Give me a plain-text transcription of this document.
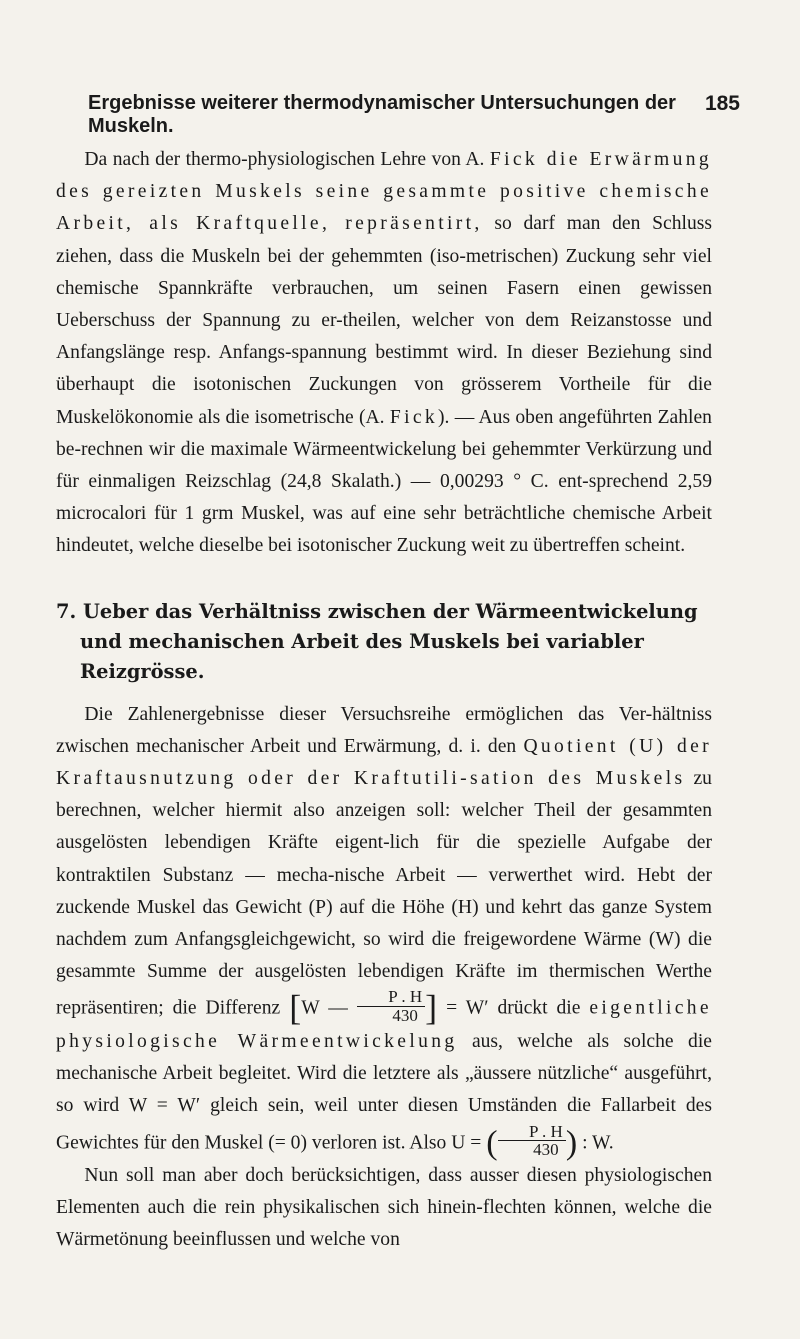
Ergebnisse weiterer thermodynamischer Untersuchungen der Muskeln.
185

Da nach der thermo-physiologischen Lehre von A. Fick die Erwärmung des gereizten Muskels seine gesammte positive chemische Arbeit, als Kraftquelle, repräsentirt, so darf man den Schluss ziehen, dass die Muskeln bei der gehemmten (iso-metrischen) Zuckung sehr viel chemische Spannkräfte verbrauchen, um seinen Fasern einen gewissen Ueberschuss der Spannung zu er-theilen, welcher von dem Reizanstosse und Anfangslänge resp. Anfangs-spannung bestimmt wird. In dieser Beziehung sind überhaupt die isotonischen Zuckungen von grösserem Vortheile für die Muskelökonomie als die isometrische (A. Fick). — Aus oben angeführten Zahlen be-rechnen wir die maximale Wärmeentwickelung bei gehemmter Verkürzung und für einmaligen Reizschlag (24,8 Skalath.) — 0,00293 ° C. ent-sprechend 2,59 microcalori für 1 grm Muskel, was auf eine sehr beträchtliche chemische Arbeit hindeutet, welche dieselbe bei isotonischer Zuckung weit zu übertreffen scheint.

7. Ueber das Verhältniss zwischen der Wärmeentwickelung und mechanischen Arbeit des Muskels bei variabler Reizgrösse.

Die Zahlenergebnisse dieser Versuchsreihe ermöglichen das Ver-hältniss zwischen mechanischer Arbeit und Erwärmung, d. i. den Quotient (U) der Kraftausnutzung oder der Kraftutili-sation des Muskels zu berechnen, welcher hiermit also anzeigen soll: welcher Theil der gesammten ausgelösten lebendigen Kräfte eigent-lich für die spezielle Aufgabe der kontraktilen Substanz — mecha-nische Arbeit — verwerthet wird. Hebt der zuckende Muskel das Gewicht (P) auf die Höhe (H) und kehrt das ganze System nachdem zum Anfangsgleichgewicht, so wird die freigewordene Wärme (W) die gesammte Summe der ausgelösten lebendigen Kräfte im thermischen Werthe repräsentiren; die Differenz [W — $\frac{P . H}{430}$ ] = W′ drückt die eigentliche physiologische Wärmeentwickelung aus, welche als solche die mechanische Arbeit begleitet. Wird die letztere als „äussere nützliche“ ausgeführt, so wird W = W′ gleich sein, weil unter diesen Umständen die Fallarbeit des Gewichtes für den Muskel (= 0) verloren ist. Also U = ( $\frac{P . H}{430}$ ) : W.

Nun soll man aber doch berücksichtigen, dass ausser diesen physiologischen Elementen auch die rein physikalischen sich hinein-flechten können, welche die Wärmetönung beeinflussen und welche von
